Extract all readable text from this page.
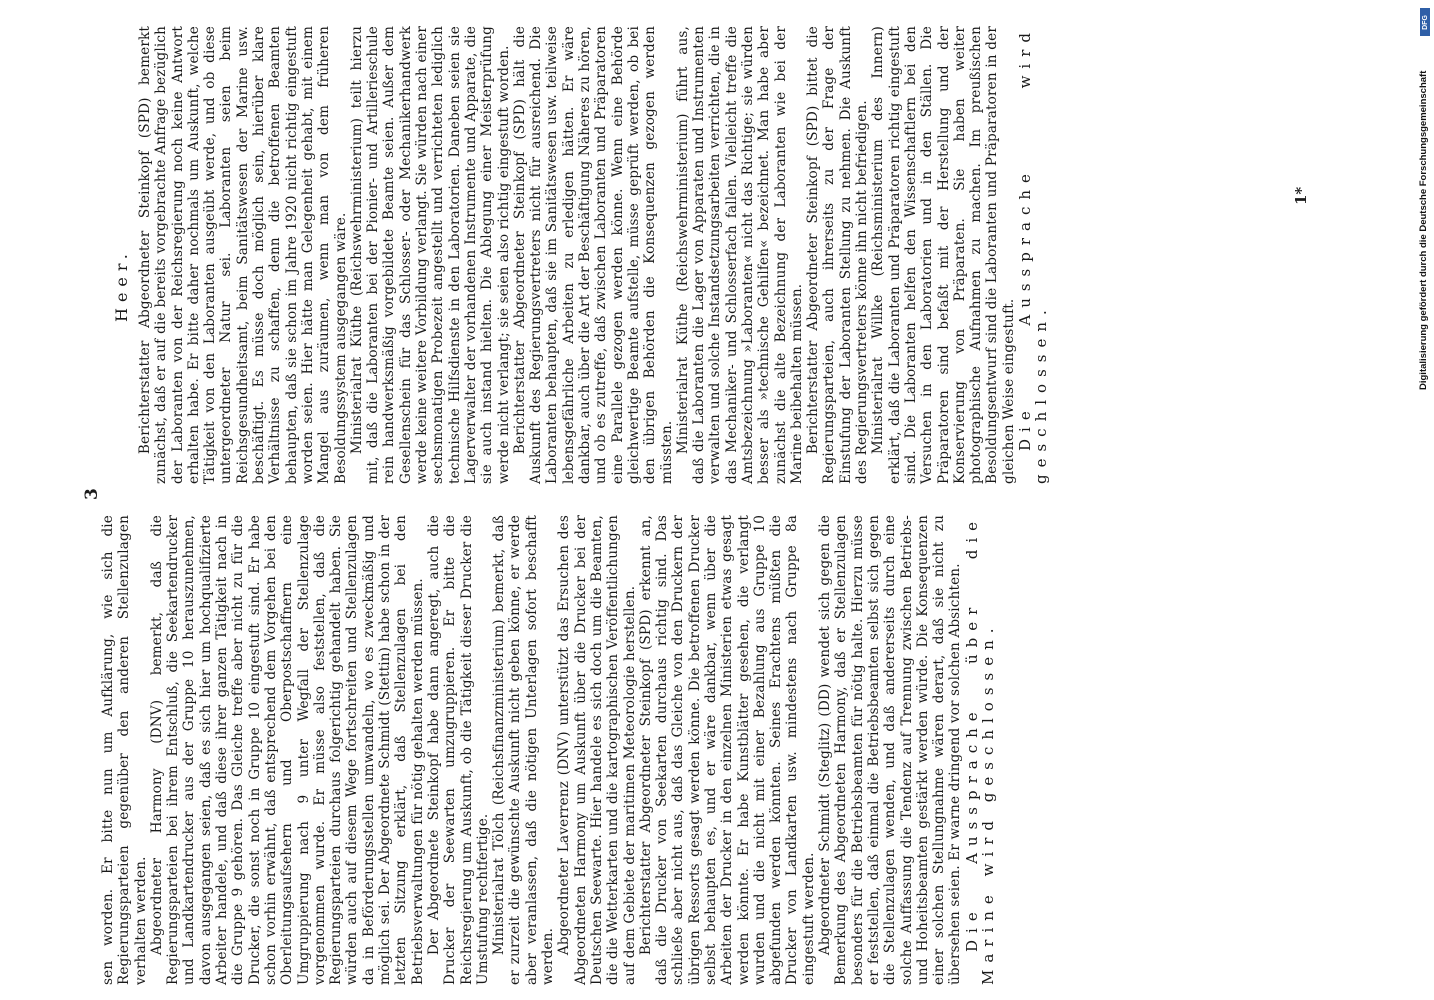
3

sen worden. Er bitte nun um Aufklärung, wie sich die Regierungsparteien gegenüber den anderen Stellenzulagen verhalten werden. Abgeordneter Harmony (DNV) bemerkt, daß die Regierungsparteien bei ihrem Entschluß, die Seekartendrucker und Landkartendrucker aus der Gruppe 10 herauszunehmen, davon ausgegangen seien, daß es sich hier um hochqualifizierte Arbeiter handele, und daß diese ihrer ganzen Tätigkeit nach in die Gruppe 9 gehören. Das Gleiche treffe aber nicht zu für die Drucker, die sonst noch in Gruppe 10 eingestuft sind. Er habe schon vorhin erwähnt, daß entsprechend dem Vorgehen bei den Oberleitungsaufsehern und Oberpostschaffnern eine Umgruppierung nach 9 unter Wegfall der Stellenzulage vorgenommen wurde. Er müsse also feststellen, daß die Regierungsparteien durchaus folgerichtig gehandelt haben. Sie würden auch auf diesem Wege fortschreiten und Stellenzulagen da in Beförderungsstellen umwandeln, wo es zweckmäßig und möglich sei. Der Abgeordnete Schmidt (Stettin) habe schon in der letzten Sitzung erklärt, daß Stellenzulagen bei den Betriebsverwaltungen für nötig gehalten werden müssen. Der Abgeordnete Steinkopf habe dann angeregt, auch die Drucker der Seewarten umzugruppieren. Er bitte die Reichsregierung um Auskunft, ob die Tätigkeit dieser Drucker die Umstufung rechtfertige. Ministerialrat Tölch (Reichsfinanzministerium) bemerkt, daß er zurzeit die gewünschte Auskunft nicht geben könne, er werde aber veranlassen, daß die nötigen Unterlagen sofort beschafft werden.

Abgeordneter Laverrenz (DNV) unterstützt das Ersuchen des Abgeordneten Harmony um Auskunft über die Drucker bei der Deutschen Seewarte. Hier handele es sich doch um die Beamten, die die Wetterkarten und die kartographischen Veröffentlichungen auf dem Gebiete der maritimen Meteorologie herstellen. Berichterstatter Abgeordneter Steinkopf (SPD) erkennt an, daß die Drucker von Seekarten durchaus richtig sind. Das schließe aber nicht aus, daß das Gleiche von den Druckern der übrigen Ressorts gesagt werden könne. Die betroffenen Drucker selbst behaupten es, und er wäre dankbar, wenn über die Arbeiten der Drucker in den einzelnen Ministerien etwas gesagt werden könnte. Er habe Kunstblätter gesehen, die verlangt wurden und die nicht mit einer Bezahlung aus Gruppe 10 abgefunden werden könnten. Seines Erachtens müßten die Drucker von Landkarten usw. mindestens nach Gruppe 8a eingestuft werden. Abgeordneter Schmidt (Steglitz) (DD) wendet sich gegen die Bemerkung des Abgeordneten Harmony, daß er Stellenzulagen besonders für die Betriebsbeamten für nötig halte. Hierzu müsse er feststellen, daß einmal die Betriebsbeamten selbst sich gegen die Stellenzulagen wenden, und daß andererseits durch eine solche Auffassung die Tendenz auf Trennung zwischen Betriebs- und Hoheitsbeamten gestärkt werden würde. Die Konsequenzen einer solchen Stellungnahme wären derart, daß sie nicht zu übersehen seien. Er warne dringend vor solchen Absichten. Die Aussprache über die Marine wird geschlossen.

Heer. Berichterstatter Abgeordneter Steinkopf (SPD) bemerkt zunächst, daß er auf die bereits vorgebrachte Anfrage bezüglich der Laboranten von der Reichsregierung noch keine Antwort erhalten habe. Er bitte daher nochmals um Auskunft, welche Tätigkeit von den Laboranten ausgeübt werde, und ob diese untergeordneter Natur sei. Laboranten seien beim Reichsgesundheitsamt, beim Sanitätswesen der Marine usw. beschäftigt. Es müsse doch möglich sein, hierüber klare Verhältnisse zu schaffen, denn die betroffenen Beamten behaupten, daß sie schon im Jahre 1920 nicht richtig eingestuft worden seien. Hier hätte man Gelegenheit gehabt, mit einem Mangel aus zuräumen, wenn man von dem früheren Besoldungssystem ausgegangen wäre. Ministerialrat Küthe (Reichswehrministerium) teilt hierzu mit, daß die Laboranten bei der Pionier- und Artillerieschule rein handwerksmäßig vorgebildete Beamte seien. Außer dem Gesellenschein für das Schlosser- oder Mechanikerhandwerk werde keine weitere Vorbildung verlangt. Sie würden nach einer sechsmonatigen Probezeit angestellt und verrichteten lediglich technische Hilfsdienste in den Laboratorien. Daneben seien sie Lagerverwalter der vorhandenen Instrumente und Apparate, die sie auch instand hielten. Die Ablegung einer Meisterprüfung werde nicht verlangt; sie seien also richtig eingestuft worden. Berichterstatter Abgeordneter Steinkopf (SPD) hält die Auskunft des Regierungsvertreters nicht für ausreichend. Die Laboranten behaupten, daß sie im Sanitätswesen usw. teilweise lebensgefährliche Arbeiten zu erledigen hätten. Er wäre dankbar, auch über die Art der Beschäftigung Näheres zu hören, und ob es zutreffe, daß zwischen Laboranten und Präparatoren eine Parallele gezogen werden könne. Wenn eine Behörde gleichwertige Beamte aufstelle, müsse geprüft werden, ob bei den übrigen Behörden die Konsequenzen gezogen werden müssten. Ministerialrat Küthe (Reichswehrministerium) führt aus, daß die Laboranten die Lager von Apparaten und Instrumenten verwalten und solche Instandsetzungsarbeiten verrichten, die in das Mechaniker- und Schlosserfach fallen. Vielleicht treffe die Amtsbezeichnung »Laboranten« nicht das Richtige; sie würden besser als »technische Gehilfen« bezeichnet. Man habe aber zunächst die alte Bezeichnung der Laboranten wie bei der Marine beibehalten müssen. Berichterstatter Abgeordneter Steinkopf (SPD) bittet die Regierungsparteien, auch ihrerseits zu der Frage der Einstufung der Laboranten Stellung zu nehmen. Die Auskunft des Regierungsvertreters könne ihn nicht befriedigen. Ministerialrat Willke (Reichsministerium des Innern) erklärt, daß die Laboranten und Präparatoren richtig eingestuft sind. Die Laboranten helfen den Wissenschaftlern bei den Versuchen in den Laboratorien und in den Ställen. Die Präparatoren sind befaßt mit der Herstellung und der Konservierung von Präparaten. Sie haben weiter photographische Aufnahmen zu machen. Im preußischen Besoldungsentwurf sind die Laboranten und Präparatoren in der gleichen Weise eingestuft. Die Aussprache wird geschlossen.

1*	Digitalisierung gefördert durch die Deutsche Forschungsgemeinschaft
DFG
